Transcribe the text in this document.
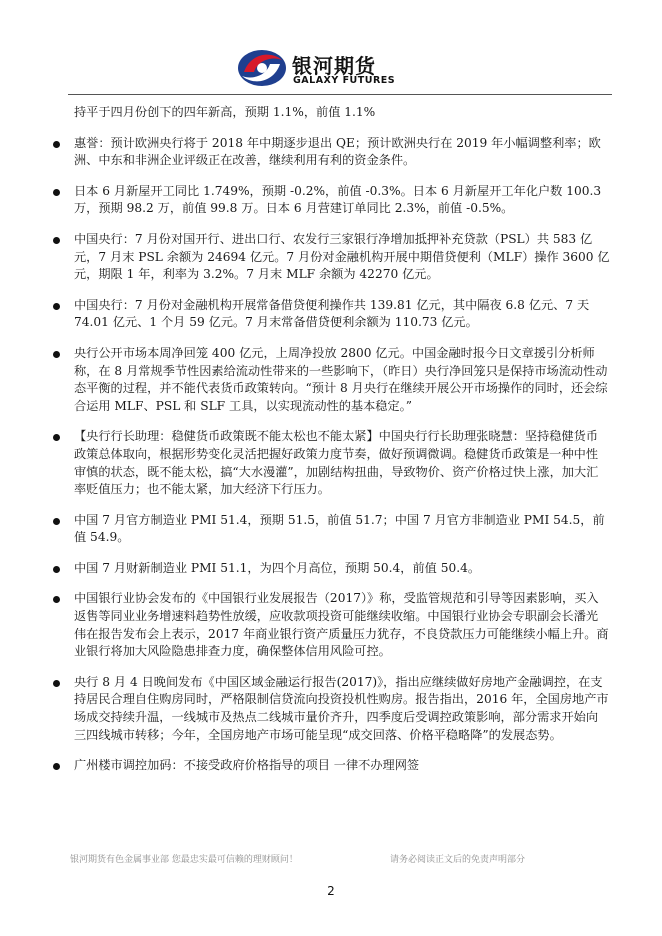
银河期货
GALAXY FUTURES

持平于四月份创下的四年新高，预期 1.1%，前值 1.1%

惠誉：预计欧洲央行将于 2018 年中期逐步退出 QE；预计欧洲央行在 2019 年小幅调整利率；欧洲、中东和非洲企业评级正在改善，继续利用有利的资金条件。
日本 6 月新屋开工同比 1.749%，预期 -0.2%，前值 -0.3%。日本 6 月新屋开工年化户数 100.3 万，预期 98.2 万，前值 99.8 万。日本 6 月营建订单同比 2.3%，前值 -0.5%。
中国央行：7 月份对国开行、进出口行、农发行三家银行净增加抵押补充贷款（PSL）共 583 亿元，7 月末 PSL 余额为 24694 亿元。7 月份对金融机构开展中期借贷便利（MLF）操作 3600 亿元，期限 1 年，利率为 3.2%。7 月末 MLF 余额为 42270 亿元。
中国央行：7 月份对金融机构开展常备借贷便利操作共 139.81 亿元，其中隔夜 6.8 亿元、7 天 74.01 亿元、1 个月 59 亿元。7 月末常备借贷便利余额为 110.73 亿元。
央行公开市场本周净回笼 400 亿元，上周净投放 2800 亿元。中国金融时报今日文章援引分析师称，在 8 月常规季节性因素给流动性带来的一些影响下，（昨日）央行净回笼只是保持市场流动性动态平衡的过程，并不能代表货币政策转向。“预计 8 月央行在继续开展公开市场操作的同时，还会综合运用 MLF、PSL 和 SLF 工具，以实现流动性的基本稳定。”
【央行行长助理：稳健货币政策既不能太松也不能太紧】中国央行行长助理张晓慧：坚持稳健货币政策总体取向，根据形势变化灵活把握好政策力度节奏，做好预调微调。稳健货币政策是一种中性审慎的状态，既不能太松，搞“大水漫灌”，加剧结构扭曲，导致物价、资产价格过快上涨，加大汇率贬值压力；也不能太紧，加大经济下行压力。
中国 7 月官方制造业 PMI 51.4，预期 51.5，前值 51.7；中国 7 月官方非制造业 PMI 54.5，前值 54.9。
中国 7 月财新制造业 PMI 51.1，为四个月高位，预期 50.4，前值 50.4。
中国银行业协会发布的《中国银行业发展报告（2017）》称，受监管规范和引导等因素影响，买入返售等同业业务增速料趋势性放缓，应收款项投资可能继续收缩。中国银行业协会专职副会长潘光伟在报告发布会上表示，2017 年商业银行资产质量压力犹存，不良贷款压力可能继续小幅上升。商业银行将加大风险隐患排查力度，确保整体信用风险可控。
央行 8 月 4 日晚间发布《中国区域金融运行报告(2017)》，指出应继续做好房地产金融调控，在支持居民合理自住购房同时，严格限制信贷流向投资投机性购房。报告指出，2016 年，全国房地产市场成交持续升温，一线城市及热点二线城市量价齐升，四季度后受调控政策影响，部分需求开始向三四线城市转移；今年，全国房地产市场可能呈现“成交回落、价格平稳略降”的发展态势。
广州楼市调控加码：不接受政府价格指导的项目 一律不办理网签
银河期货有色金属事业部 您最忠实最可信赖的理财顾问！	请务必阅读正文后的免责声明部分
2
